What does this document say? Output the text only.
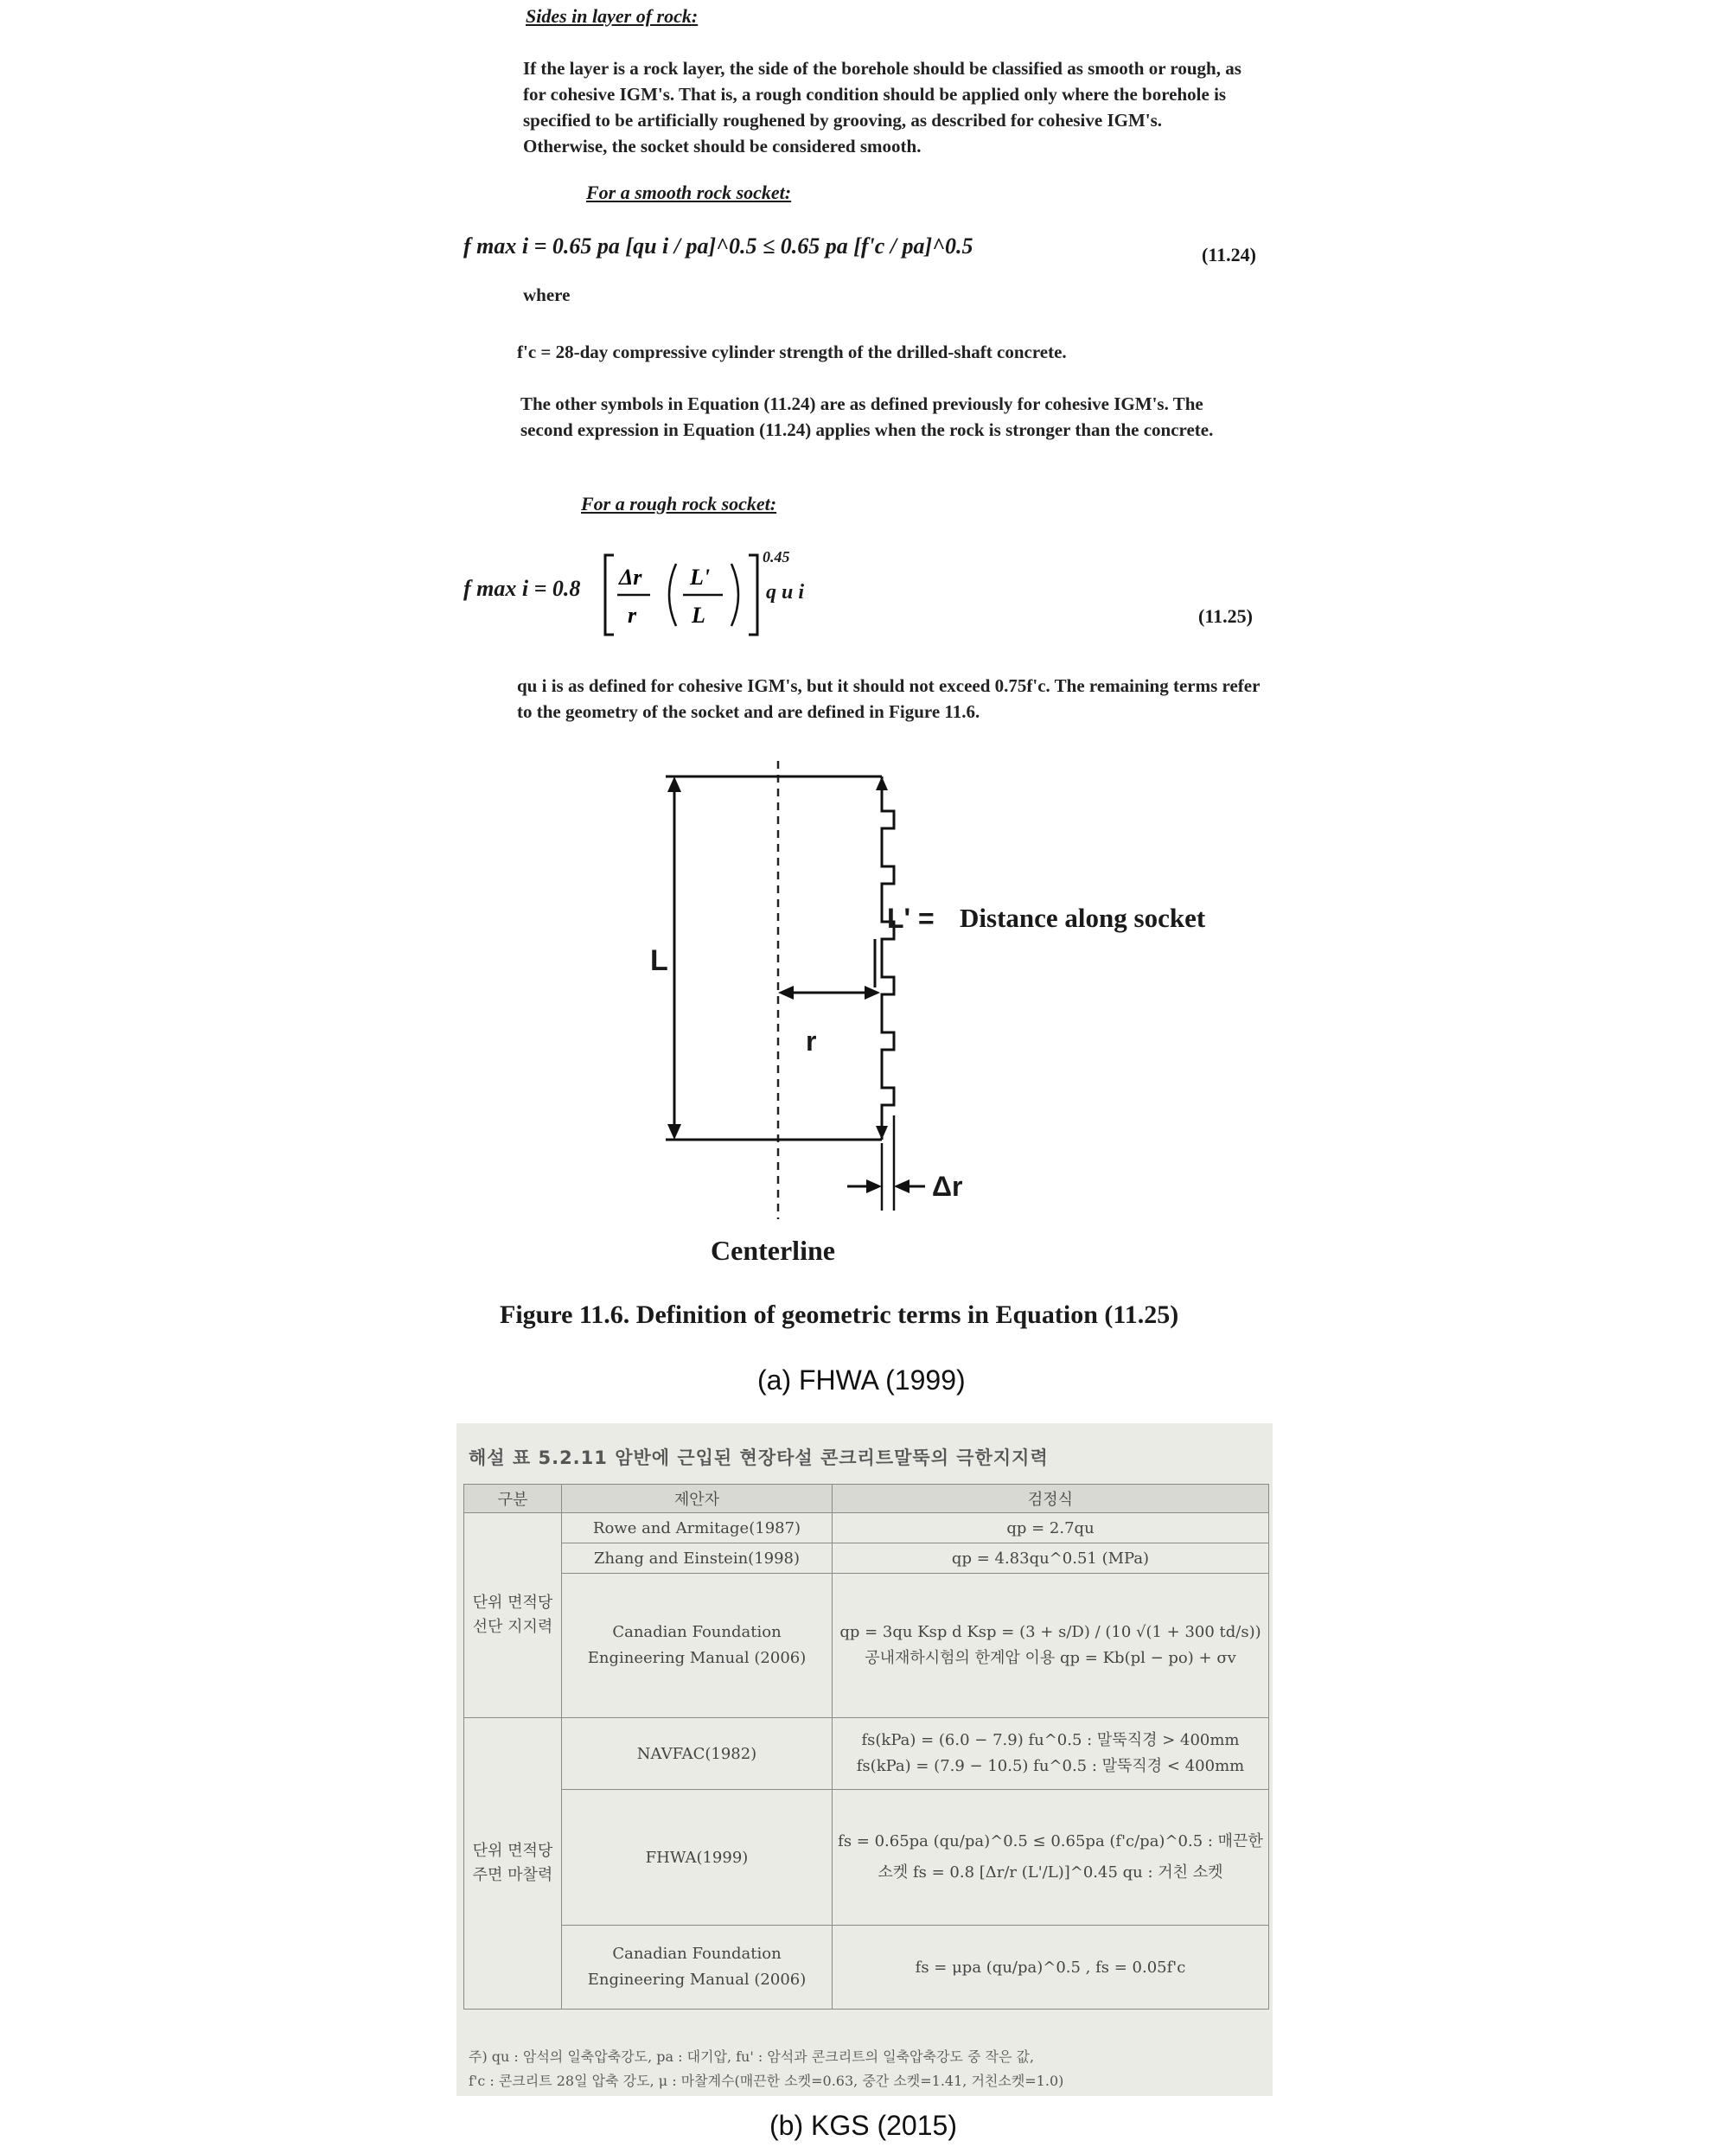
Sides in layer of rock:
If the layer is a rock layer, the side of the borehole should be classified as smooth or rough, as for cohesive IGM's. That is, a rough condition should be applied only where the borehole is specified to be artificially roughened by grooving, as described for cohesive IGM's. Otherwise, the socket should be considered smooth.
For a smooth rock socket:
f max i = 0.65 pa [qu i / pa]^0.5 ≤ 0.65 pa [f'c / pa]^0.5	(11.24)
where
f'c = 28-day compressive cylinder strength of the drilled-shaft concrete.
The other symbols in Equation (11.24) are as defined previously for cohesive IGM's. The second expression in Equation (11.24) applies when the rock is stronger than the concrete.
For a rough rock socket:
f max i = 0.8 Δr
r
L'
L
0.45
q u i
(11.25)
qu i is as defined for cohesive IGM's, but it should not exceed 0.75f'c. The remaining terms refer to the geometry of the socket and are defined in Figure 11.6.
L
L' = Distance along socket
r
Δr
Centerline
Figure 11.6. Definition of geometric terms in Equation (11.25)
(a) FHWA (1999)
해설 표 5.2.11 암반에 근입된 현장타설 콘크리트말뚝의 극한지지력
구분	제안자	검정식
단위 면적당 선단 지지력	Rowe and Armitage(1987)	qp = 2.7qu
	Zhang and Einstein(1998)	qp = 4.83qu^0.51 (MPa)
	Canadian Foundation Engineering Manual (2006)	qp = 3qu Ksp d Ksp = (3 + s/D) / (10 √(1 + 300 td/s)) 공내재하시험의 한계압 이용 qp = Kb(pl − po) + σv
단위 면적당 주면 마찰력	NAVFAC(1982)	fs(kPa) = (6.0 − 7.9) fu^0.5 : 말뚝직경 > 400mm fs(kPa) = (7.9 − 10.5) fu^0.5 : 말뚝직경 < 400mm
	FHWA(1999)	fs = 0.65pa (qu/pa)^0.5 ≤ 0.65pa (f'c/pa)^0.5 : 매끈한 소켓 fs = 0.8 [Δr/r (L'/L)]^0.45 qu : 거친 소켓
	Canadian Foundation Engineering Manual (2006)	fs = μpa (qu/pa)^0.5 , fs = 0.05f'c
주) qu : 암석의 일축압축강도, pa : 대기압, fu' : 암석과 콘크리트의 일축압축강도 중 작은 값,
f'c : 콘크리트 28일 압축 강도, μ : 마찰계수(매끈한 소켓=0.63, 중간 소켓=1.41, 거친소켓=1.0)
(b) KGS (2015)
